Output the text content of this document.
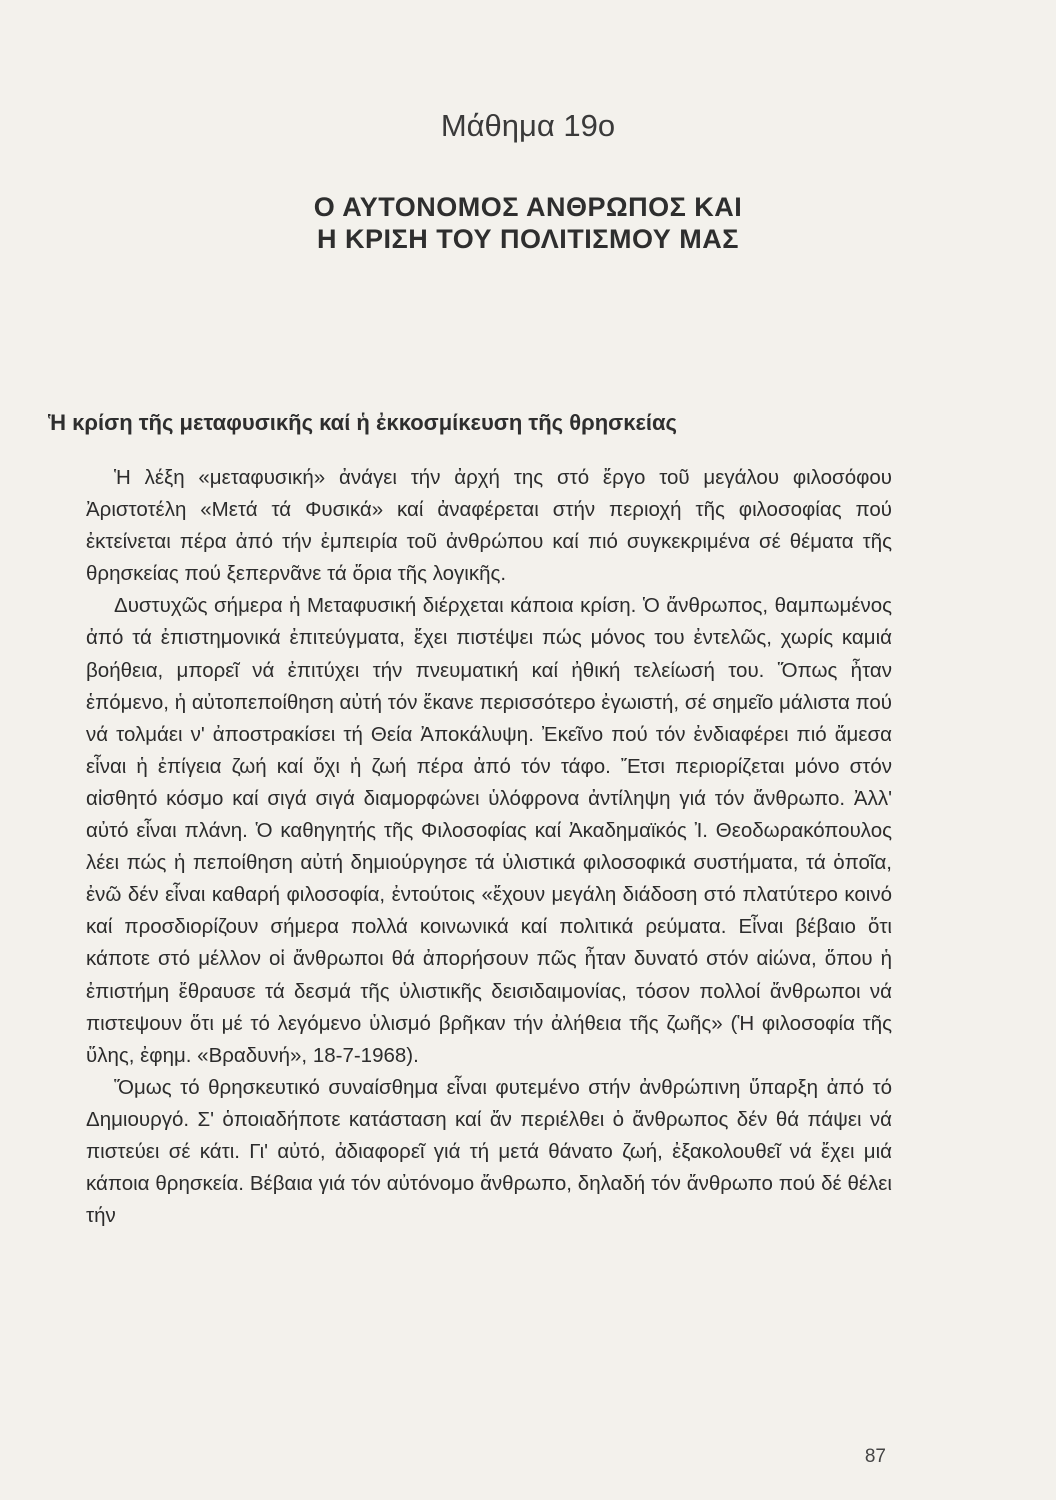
Μάθημα 19ο
Ο ΑΥΤΟΝΟΜΟΣ ΑΝΘΡΩΠΟΣ ΚΑΙ
Η ΚΡΙΣΗ ΤΟΥ ΠΟΛΙΤΙΣΜΟΥ ΜΑΣ
Ἡ κρίση τῆς μεταφυσικῆς καί ἡ ἐκκοσμίκευση τῆς θρησκείας

Ἡ λέξη «μεταφυσική» ἀνάγει τήν ἀρχή της στό ἔργο τοῦ μεγάλου φιλοσόφου Ἀριστοτέλη «Μετά τά Φυσικά» καί ἀναφέρεται στήν περιοχή τῆς φιλοσοφίας πού ἐκτείνεται πέρα ἀπό τήν ἐμπειρία τοῦ ἀνθρώπου καί πιό συγκεκριμένα σέ θέματα τῆς θρησκείας πού ξεπερνᾶνε τά ὅρια τῆς λογικῆς.

Δυστυχῶς σήμερα ἡ Μεταφυσική διέρχεται κάποια κρίση. Ὁ ἄνθρωπος, θαμπωμένος ἀπό τά ἐπιστημονικά ἐπιτεύγματα, ἔχει πιστέψει πώς μόνος του ἐντελῶς, χωρίς καμιά βοήθεια, μπορεῖ νά ἐπιτύχει τήν πνευματική καί ἠθική τελείωσή του. Ὅπως ἦταν ἑπόμενο, ἡ αὐτοπεποίθηση αὐτή τόν ἔκανε περισσότερο ἐγωιστή, σέ σημεῖο μάλιστα πού νά τολμάει ν' ἀποστρακίσει τή Θεία Ἀποκάλυψη. Ἐκεῖνο πού τόν ἐνδιαφέρει πιό ἄμεσα εἶναι ἡ ἐπίγεια ζωή καί ὄχι ἡ ζωή πέρα ἀπό τόν τάφο. Ἔτσι περιορίζεται μόνο στόν αἰσθητό κόσμο καί σιγά σιγά διαμορφώνει ὑλόφρονα ἀντίληψη γιά τόν ἄνθρωπο. Ἀλλ' αὐτό εἶναι πλάνη. Ὁ καθηγητής τῆς Φιλοσοφίας καί Ἀκαδημαϊκός Ἰ. Θεοδωρακόπουλος λέει πώς ἡ πεποίθηση αὐτή δημιούργησε τά ὑλιστικά φιλοσοφικά συστήματα, τά ὁποῖα, ἐνῶ δέν εἶναι καθαρή φιλοσοφία, ἐντούτοις «ἔχουν μεγάλη διάδοση στό πλατύτερο κοινό καί προσδιορίζουν σήμερα πολλά κοινωνικά καί πολιτικά ρεύματα. Εἶναι βέβαιο ὅτι κάποτε στό μέλλον οἱ ἄνθρωποι θά ἀπορήσουν πῶς ἦταν δυνατό στόν αἰώνα, ὅπου ἡ ἐπιστήμη ἔθραυσε τά δεσμά τῆς ὑλιστικῆς δεισιδαιμονίας, τόσον πολλοί ἄνθρωποι νά πιστεψουν ὅτι μέ τό λεγόμενο ὑλισμό βρῆκαν τήν ἀλήθεια τῆς ζωῆς» (Ἡ φιλοσοφία τῆς ὕλης, ἐφημ. «Βραδυνή», 18-7-1968).

Ὅμως τό θρησκευτικό συναίσθημα εἶναι φυτεμένο στήν ἀνθρώπινη ὕπαρξη ἀπό τό Δημιουργό. Σ' ὁποιαδήποτε κατάσταση καί ἄν περιέλθει ὁ ἄνθρωπος δέν θά πάψει νά πιστεύει σέ κάτι. Γι' αὐτό, ἀδιαφορεῖ γιά τή μετά θάνατο ζωή, ἐξακολουθεῖ νά ἔχει μιά κάποια θρησκεία. Βέβαια γιά τόν αὐτόνομο ἄνθρωπο, δηλαδή τόν ἄνθρωπο πού δέ θέλει τήν

87
